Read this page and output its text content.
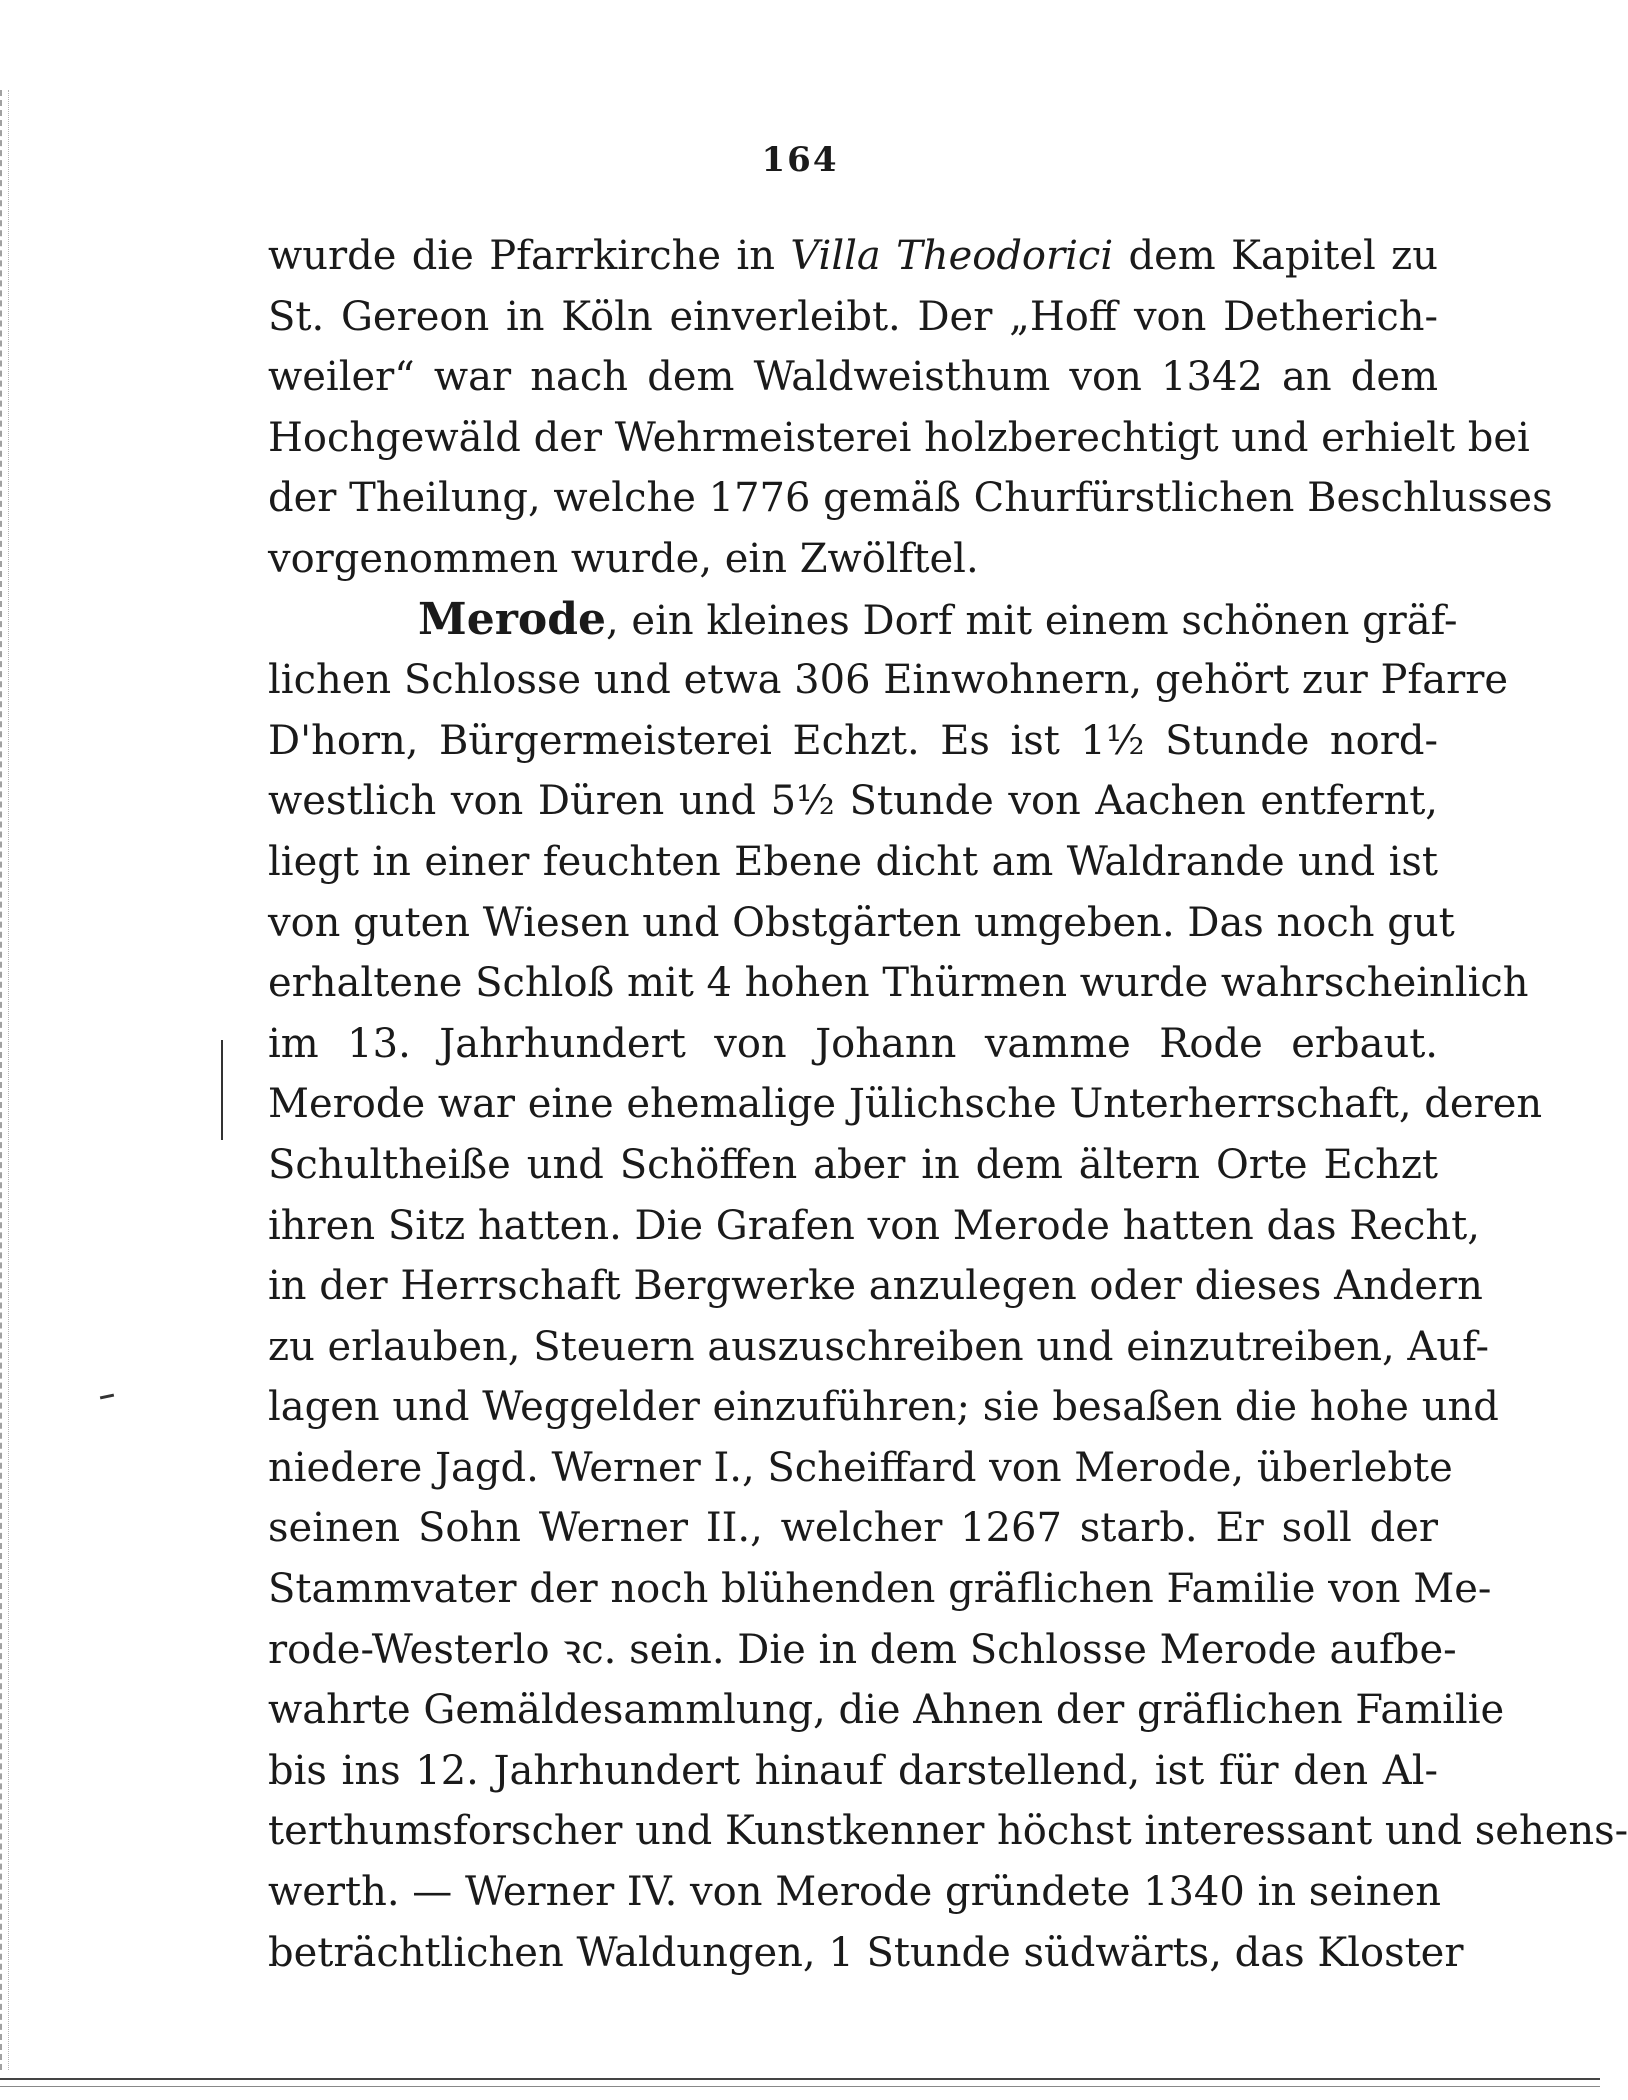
164
wurde die Pfarrkirche in Villa Theodorici dem Kapitel zu
St. Gereon in Köln einverleibt. Der „Hoff von Detherich-
weiler“ war nach dem Waldweisthum von 1342 an dem
Hochgewäld der Wehrmeisterei holzberechtigt und erhielt bei
der Theilung, welche 1776 gemäß Churfürstlichen Beschlusses
vorgenommen wurde, ein Zwölftel.
Merode, ein kleines Dorf mit einem schönen gräf-
lichen Schlosse und etwa 306 Einwohnern, gehört zur Pfarre
D'horn, Bürgermeisterei Echzt. Es ist 1½ Stunde nord-
westlich von Düren und 5½ Stunde von Aachen entfernt,
liegt in einer feuchten Ebene dicht am Waldrande und ist
von guten Wiesen und Obstgärten umgeben. Das noch gut
erhaltene Schloß mit 4 hohen Thürmen wurde wahrscheinlich
im 13. Jahrhundert von Johann vamme Rode erbaut.
Merode war eine ehemalige Jülichsche Unterherrschaft, deren
Schultheiße und Schöffen aber in dem ältern Orte Echzt
ihren Sitz hatten. Die Grafen von Merode hatten das Recht,
in der Herrschaft Bergwerke anzulegen oder dieses Andern
zu erlauben, Steuern auszuschreiben und einzutreiben, Auf-
lagen und Weggelder einzuführen; sie besaßen die hohe und
niedere Jagd. Werner I., Scheiffard von Merode, überlebte
seinen Sohn Werner II., welcher 1267 starb. Er soll der
Stammvater der noch blühenden gräflichen Familie von Me-
rode-Westerlo ꝛc. sein. Die in dem Schlosse Merode aufbe-
wahrte Gemäldesammlung, die Ahnen der gräflichen Familie
bis ins 12. Jahrhundert hinauf darstellend, ist für den Al-
terthumsforscher und Kunstkenner höchst interessant und sehens-
werth. — Werner IV. von Merode gründete 1340 in seinen
beträchtlichen Waldungen, 1 Stunde südwärts, das Kloster
